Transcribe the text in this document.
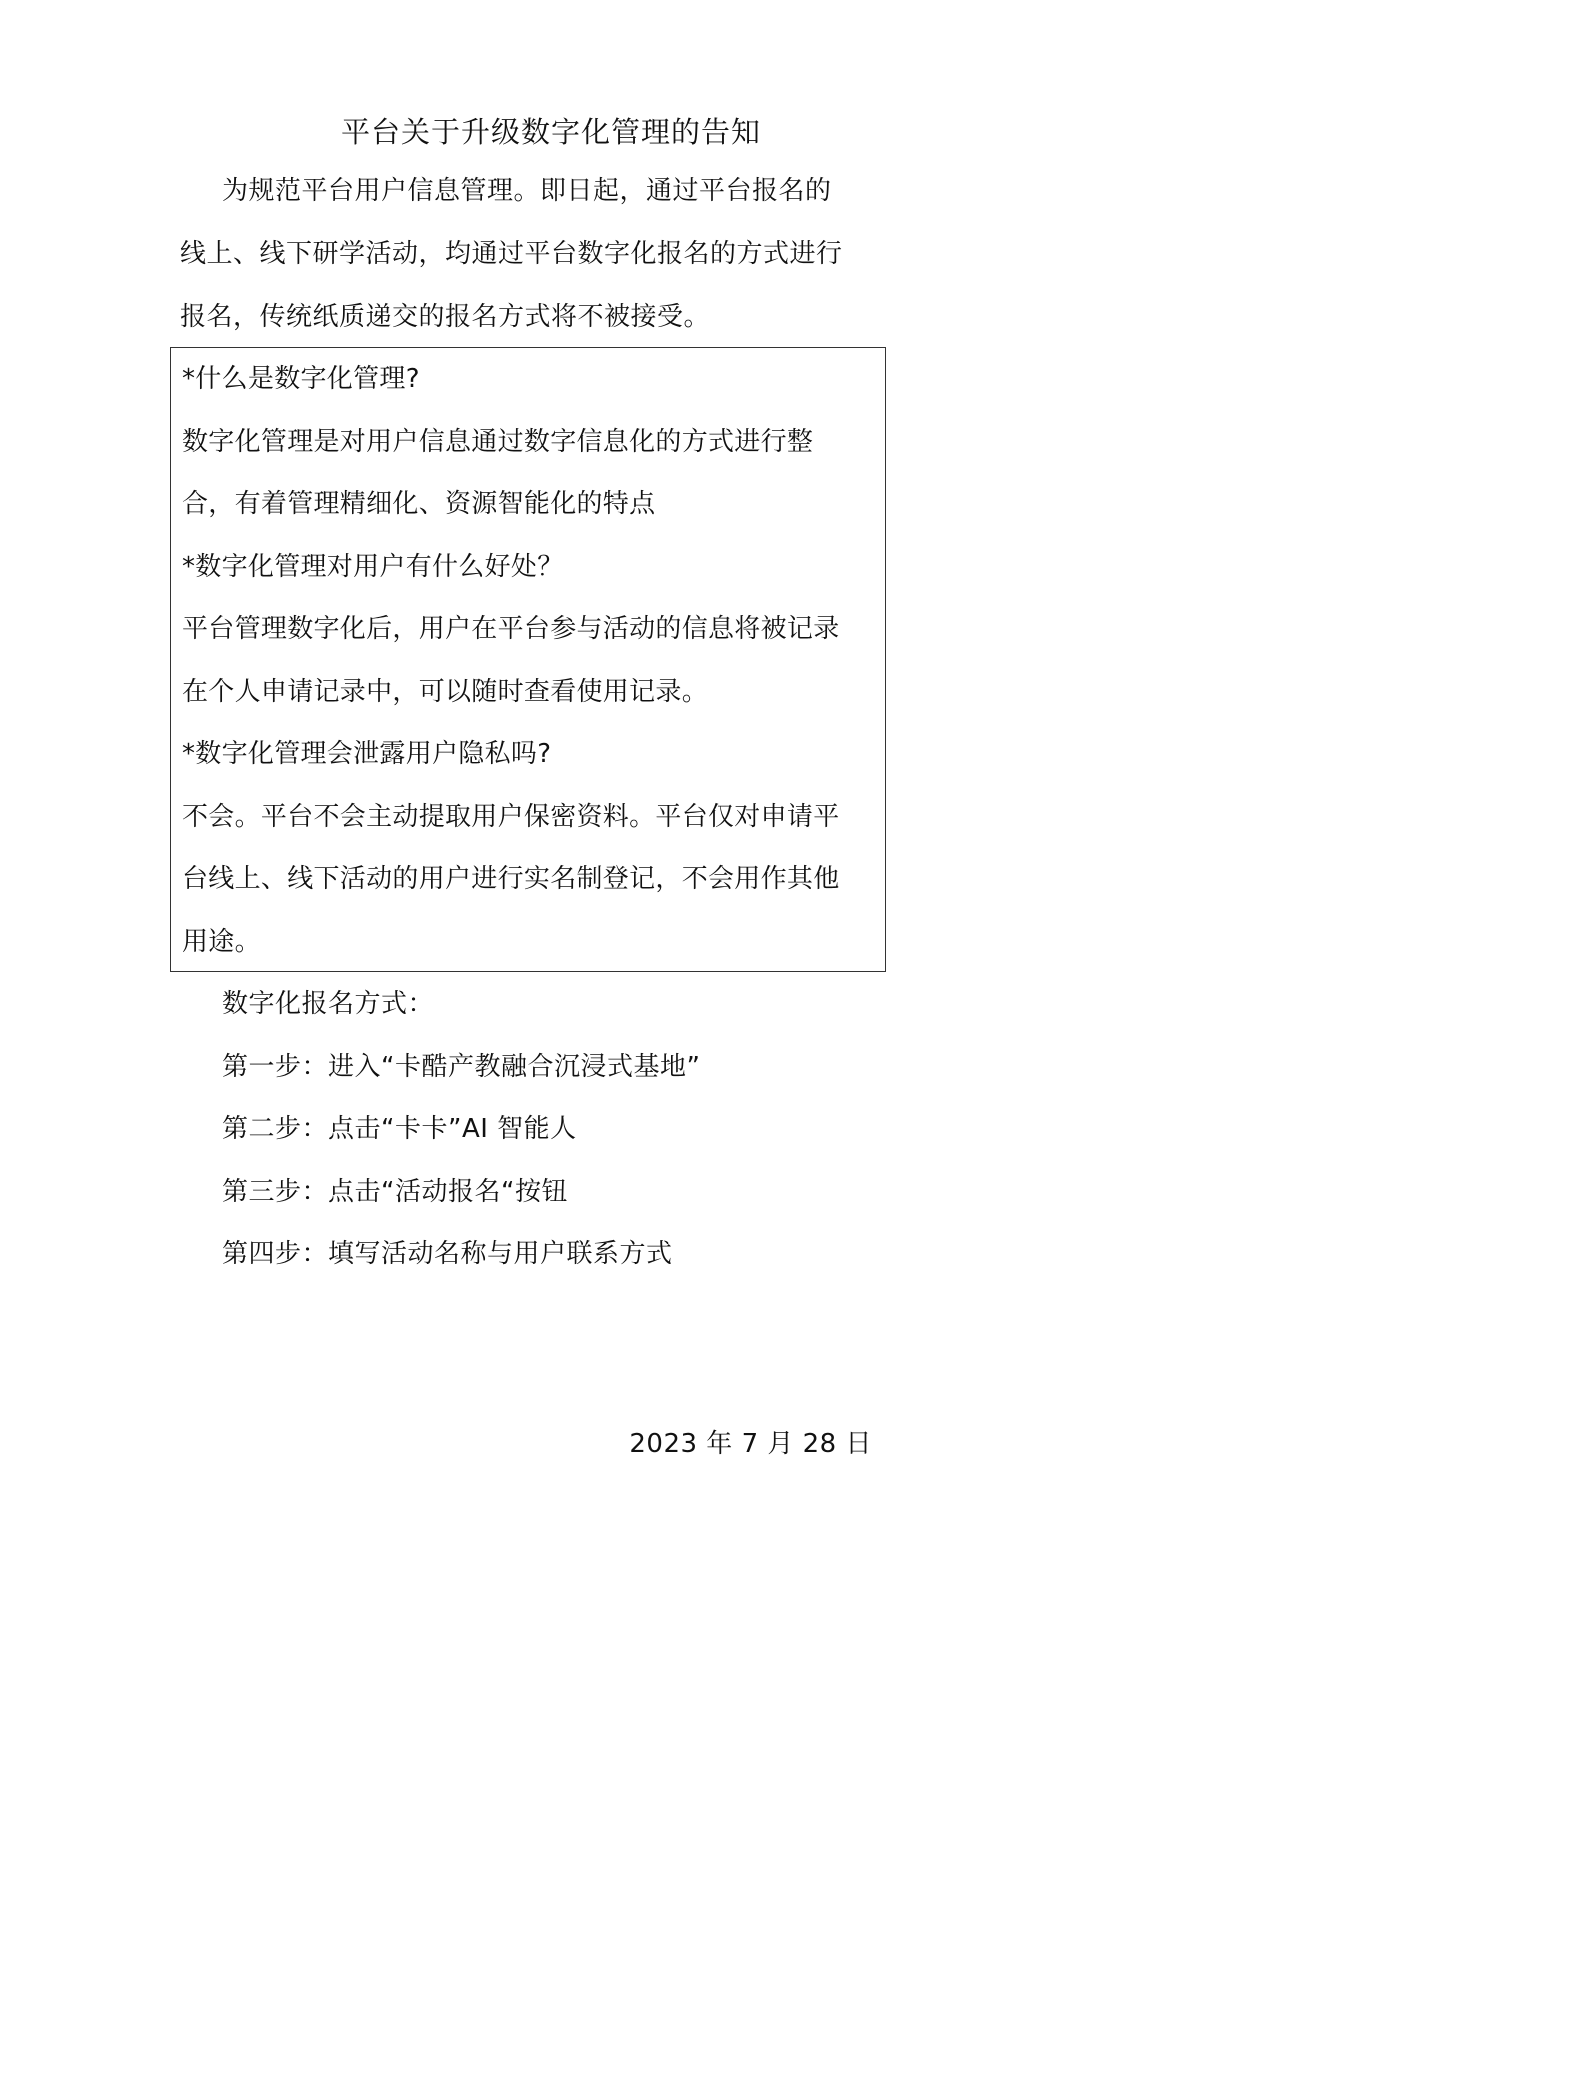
平台关于升级数字化管理的告知
为规范平台用户信息管理。即日起，通过平台报名的
线上、线下研学活动，均通过平台数字化报名的方式进行
报名，传统纸质递交的报名方式将不被接受。
*什么是数字化管理?
数字化管理是对用户信息通过数字信息化的方式进行整
合，有着管理精细化、资源智能化的特点
*数字化管理对用户有什么好处？
平台管理数字化后，用户在平台参与活动的信息将被记录
在个人申请记录中，可以随时查看使用记录。
*数字化管理会泄露用户隐私吗?
不会。平台不会主动提取用户保密资料。平台仅对申请平
台线上、线下活动的用户进行实名制登记，不会用作其他
用途。
数字化报名方式：
第一步：进入“卡酷产教融合沉浸式基地”
第二步：点击“卡卡”AI 智能人
第三步：点击“活动报名“按钮
第四步：填写活动名称与用户联系方式
2023 年 7 月 28 日
